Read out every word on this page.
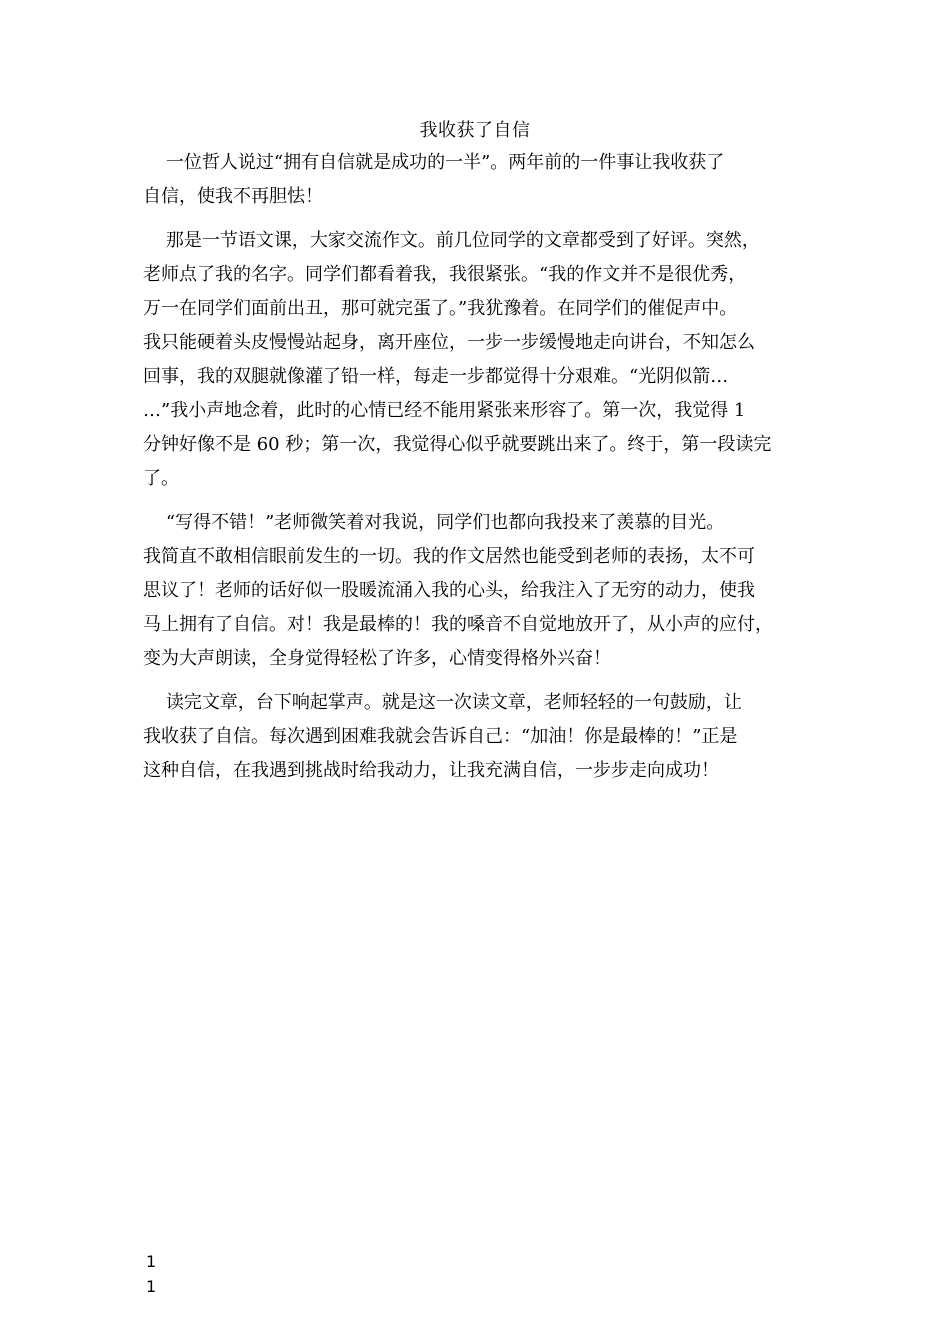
我收获了自信
一位哲人说过“拥有自信就是成功的一半”。两年前的一件事让我收获了
自信，使我不再胆怯！
那是一节语文课，大家交流作文。前几位同学的文章都受到了好评。突然，
老师点了我的名字。同学们都看着我，我很紧张。“我的作文并不是很优秀，
万一在同学们面前出丑，那可就完蛋了。”我犹豫着。在同学们的催促声中。
我只能硬着头皮慢慢站起身，离开座位，一步一步缓慢地走向讲台，不知怎么
回事，我的双腿就像灌了铅一样，每走一步都觉得十分艰难。“光阴似箭…
…”我小声地念着，此时的心情已经不能用紧张来形容了。第一次，我觉得 1
分钟好像不是 60 秒；第一次，我觉得心似乎就要跳出来了。终于，第一段读完
了。
“写得不错！”老师微笑着对我说，同学们也都向我投来了羡慕的目光。
我简直不敢相信眼前发生的一切。我的作文居然也能受到老师的表扬，太不可
思议了！老师的话好似一股暖流涌入我的心头，给我注入了无穷的动力，使我
马上拥有了自信。对！我是最棒的！我的嗓音不自觉地放开了，从小声的应付，
变为大声朗读，全身觉得轻松了许多，心情变得格外兴奋！
读完文章，台下响起掌声。就是这一次读文章，老师轻轻的一句鼓励，让
我收获了自信。每次遇到困难我就会告诉自己：“加油！你是最棒的！”正是
这种自信，在我遇到挑战时给我动力，让我充满自信，一步步走向成功！
1
1
